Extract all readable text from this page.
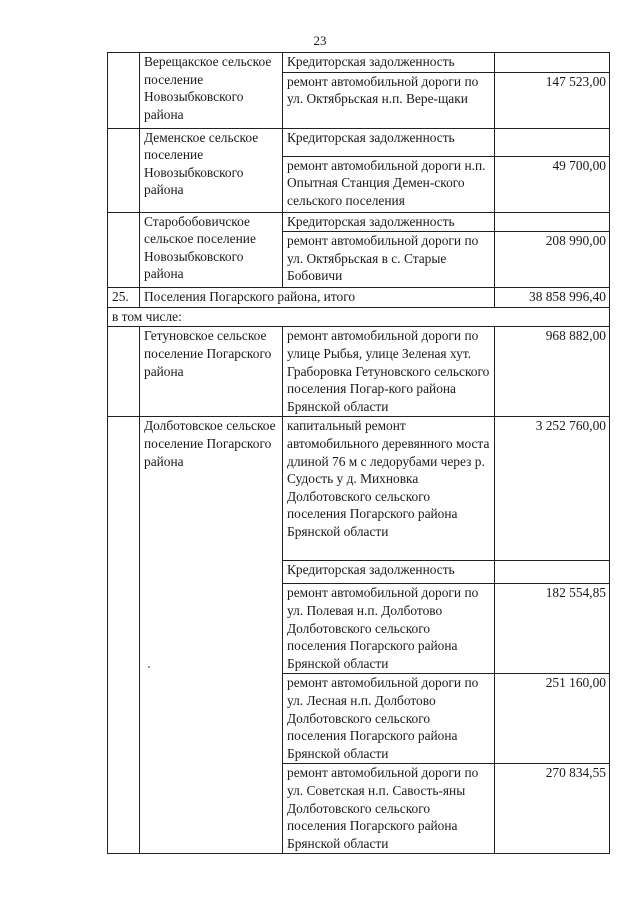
23
	Верещакское сельское поселение Новозыбковского района	Кредиторская задолженность	
		ремонт автомобильной дороги по ул. Октябрьская н.п. Вере-щаки	147 523,00
	Деменское сельское поселение Новозыбковского района	Кредиторская задолженность	
		ремонт автомобильной дороги н.п. Опытная Станция Демен-ского сельского поселения	49 700,00
	Старобобовичское сельское поселение Новозыбковского района	Кредиторская задолженность	
		ремонт автомобильной дороги по ул. Октябрьская в с. Старые Бобовичи	208 990,00
25.	Поселения Погарского района, итого		38 858 996,40
в том числе:			
	Гетуновское сельское поселение Погарского района	ремонт автомобильной дороги по улице Рыбья, улице Зеленая хут. Граборовка Гетуновского сельского поселения Погар-кого района Брянской области	968 882,00
	Долботовское сельское поселение Погарского района	капитальный ремонт автомобильного деревянного моста длиной 76 м с ледорубами через р. Судость у д. Михновка Долботовского сельского поселения Погарского района Брянской области	3 252 760,00
		Кредиторская задолженность	
		ремонт автомобильной дороги по ул. Полевая н.п. Долботово Долботовского сельского поселения Погарского района Брянской области	182 554,85
		ремонт автомобильной дороги по ул. Лесная н.п. Долботово Долботовского сельского поселения Погарского района Брянской области	251 160,00
		ремонт автомобильной дороги по ул. Советская н.п. Савость-яны Долботовского сельского поселения Погарского района Брянской области	270 834,55
